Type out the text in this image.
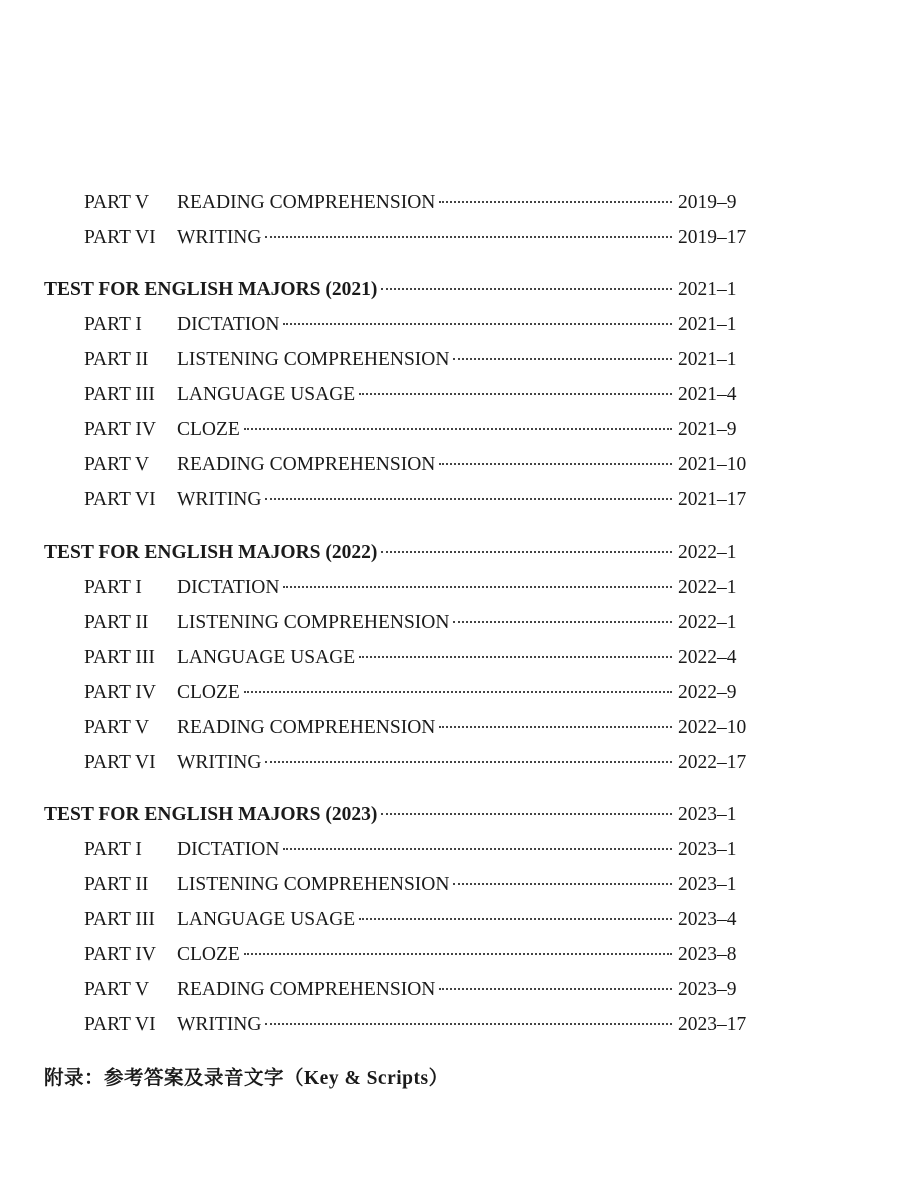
PART V READING COMPREHENSION	2019–9
PART VI WRITING	2019–17
TEST FOR ENGLISH MAJORS (2021)	2021–1
PART I DICTATION	2021–1
PART II LISTENING COMPREHENSION	2021–1
PART III LANGUAGE USAGE	2021–4
PART IV CLOZE	2021–9
PART V READING COMPREHENSION	2021–10
PART VI WRITING	2021–17
TEST FOR ENGLISH MAJORS (2022)	2022–1
PART I DICTATION	2022–1
PART II LISTENING COMPREHENSION	2022–1
PART III LANGUAGE USAGE	2022–4
PART IV CLOZE	2022–9
PART V READING COMPREHENSION	2022–10
PART VI WRITING	2022–17
TEST FOR ENGLISH MAJORS (2023)	2023–1
PART I DICTATION	2023–1
PART II LISTENING COMPREHENSION	2023–1
PART III LANGUAGE USAGE	2023–4
PART IV CLOZE	2023–8
PART V READING COMPREHENSION	2023–9
PART VI WRITING	2023–17
附录：参考答案及录音文字（Key & Scripts）
